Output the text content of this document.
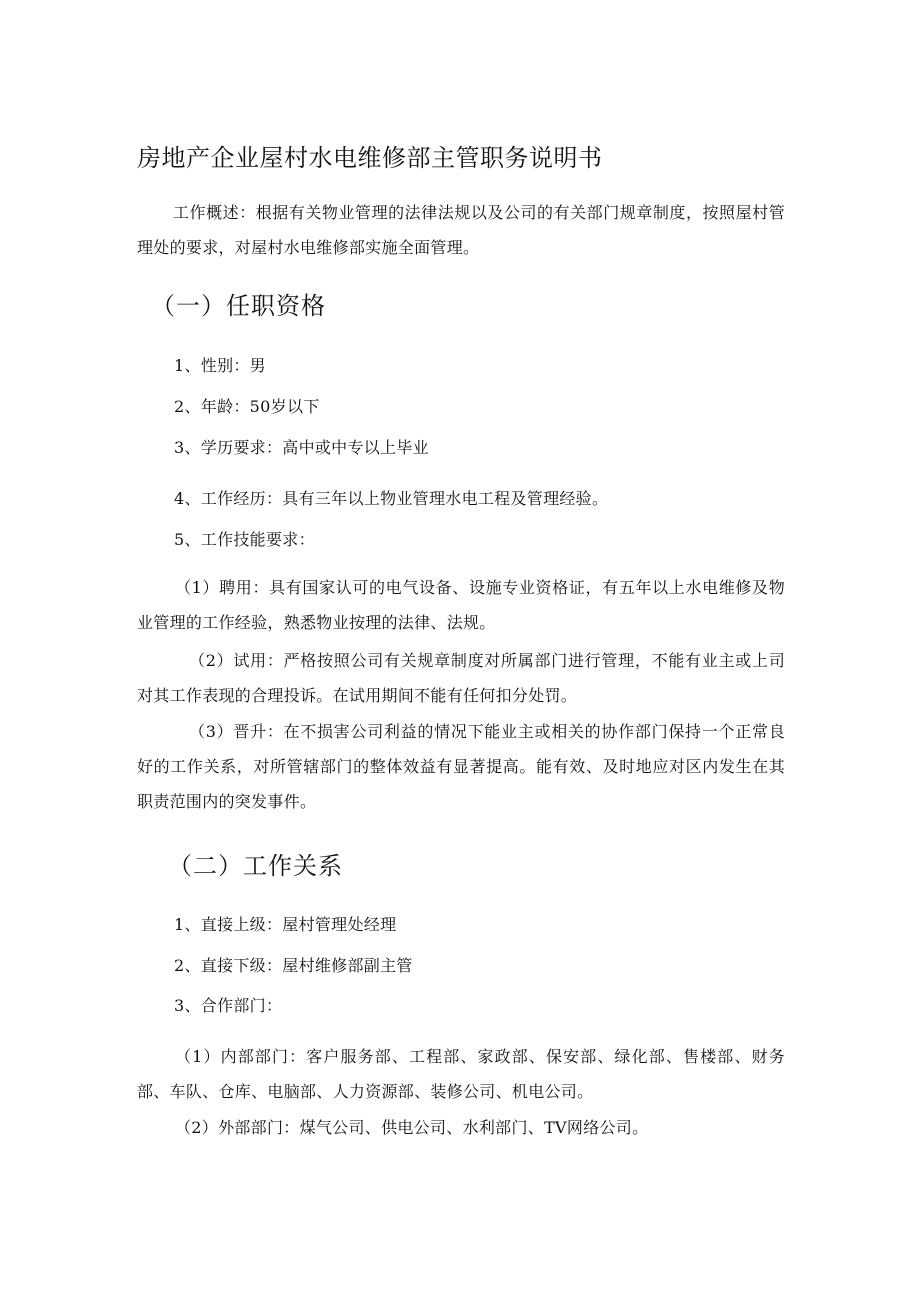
房地产企业屋村水电维修部主管职务说明书
工作概述：根据有关物业管理的法律法规以及公司的有关部门规章制度，按照屋村管理处的要求，对屋村水电维修部实施全面管理。
（一）任职资格
1、性别：男
2、年龄：50岁以下
3、学历要求：高中或中专以上毕业
4、工作经历：具有三年以上物业管理水电工程及管理经验。
5、工作技能要求：
（1）聘用：具有国家认可的电气设备、设施专业资格证，有五年以上水电维修及物业管理的工作经验，熟悉物业按理的法律、法规。
（2）试用：严格按照公司有关规章制度对所属部门进行管理，不能有业主或上司对其工作表现的合理投诉。在试用期间不能有任何扣分处罚。
（3）晋升：在不损害公司利益的情况下能业主或相关的协作部门保持一个正常良好的工作关系，对所管辖部门的整体效益有显著提高。能有效、及时地应对区内发生在其职责范围内的突发事件。
（二）工作关系
1、直接上级：屋村管理处经理
2、直接下级：屋村维修部副主管
3、合作部门：
（1）内部部门：客户服务部、工程部、家政部、保安部、绿化部、售楼部、财务部、车队、仓库、电脑部、人力资源部、装修公司、机电公司。
（2）外部部门：煤气公司、供电公司、水利部门、TV网络公司。
